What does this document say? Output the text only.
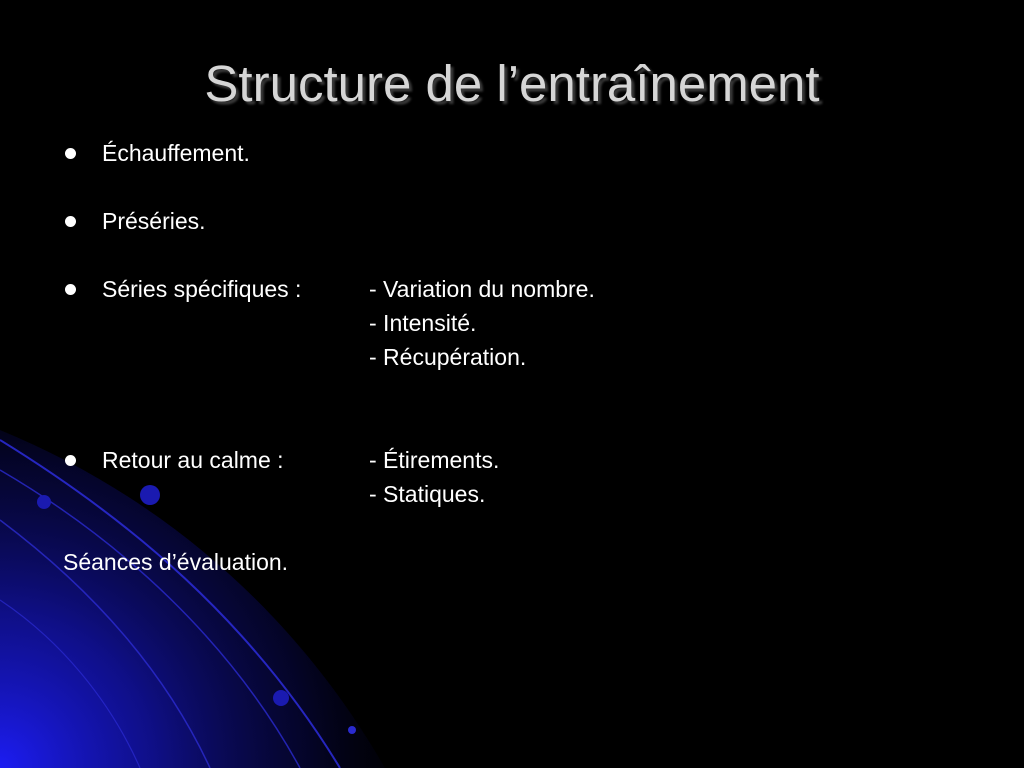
Structure de l’entraînement
Échauffement.
Préséries.
Séries spécifiques :	- Variation du nombre.
- Intensité.
- Récupération.
Retour au calme :	- Étirements.
- Statiques.
Séances d’évaluation.
